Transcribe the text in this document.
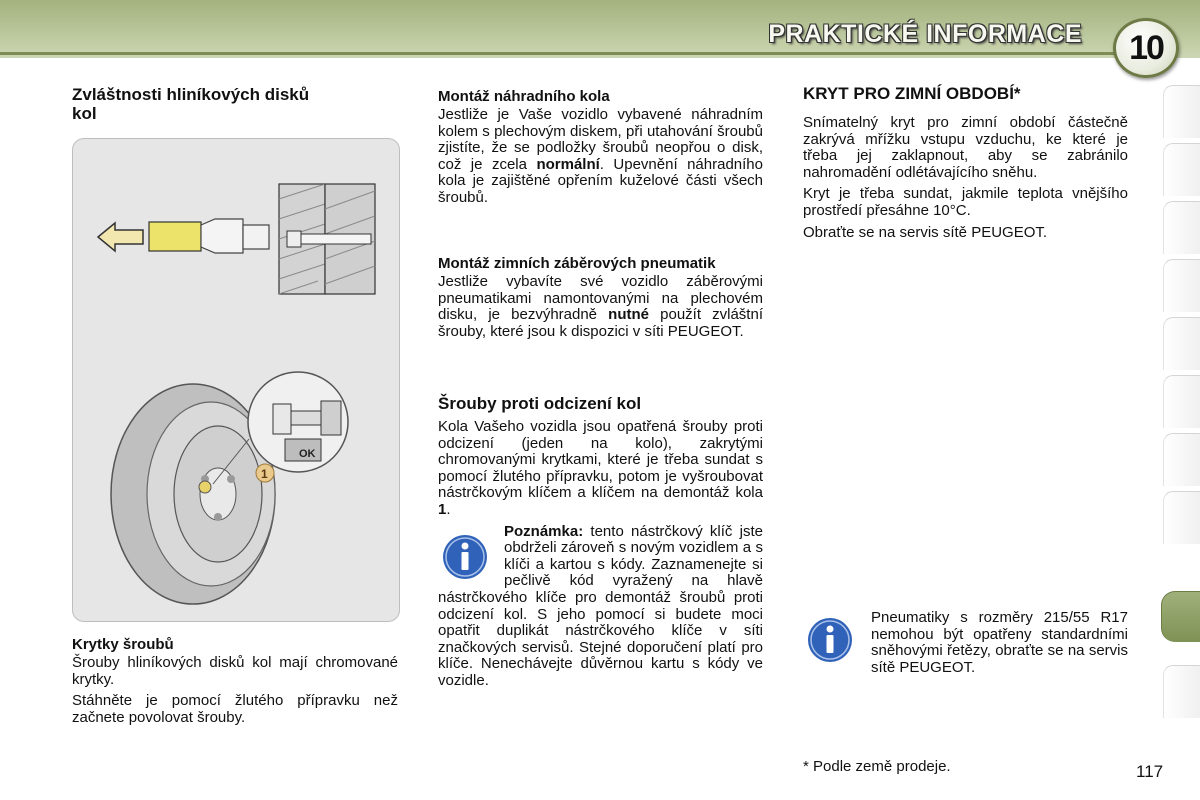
PRAKTICKÉ INFORMACE 10
Zvláštnosti hliníkových disků kol
OK
1
Krytky šroubů

Šrouby hliníkových disků kol mají chromované krytky.

Stáhněte je pomocí žlutého přípravku než začnete povolovat šrouby.

Montáž náhradního kola

Jestliže je Vaše vozidlo vybavené náhradním kolem s plechovým diskem, při utahování šroubů zjistíte, že se podložky šroubů neopřou o disk, což je zcela normální. Upevnění náhradního kola je zajištěné opřením kuželové části všech šroubů.

Montáž zimních záběrových pneumatik

Jestliže vybavíte své vozidlo záběrovými pneumatikami namontovanými na plechovém disku, je bezvýhradně nutné použít zvláštní šrouby, které jsou k dispozici v síti PEUGEOT.

Šrouby proti odcizení kol

Kola Vašeho vozidla jsou opatřená šrouby proti odcizení (jeden na kolo), zakrytými chromovanými krytkami, které je třeba sundat s pomocí žlutého přípravku, potom je vyšroubovat nástrčkovým klíčem a klíčem na demontáž kola 1.

Poznámka: tento nástrčkový klíč jste obdrželi zároveň s novým vozidlem a s klíči a kartou s kódy. Zaznamenejte si pečlivě kód vyražený na hlavě nástrčkového klíče pro demontáž šroubů proti odcizení kol. S jeho pomocí si budete moci opatřit duplikát nástrčkového klíče v síti značkových servisů. Stejné doporučení platí pro klíče. Nenechávejte důvěrnou kartu s kódy ve vozidle.

KRYT PRO ZIMNÍ OBDOBÍ*

Snímatelný kryt pro zimní období částečně zakrývá mřížku vstupu vzduchu, ke které je třeba jej zaklapnout, aby se zabránilo nahromadění odlétávajícího sněhu.

Kryt je třeba sundat, jakmile teplota vnějšího prostředí přesáhne 10°C.

Obraťte se na servis sítě PEUGEOT.

Pneumatiky s rozměry 215/55 R17 nemohou být opatřeny standardními sněhovými řetězy, obraťte se na servis sítě PEUGEOT.

* Podle země prodeje.	117
